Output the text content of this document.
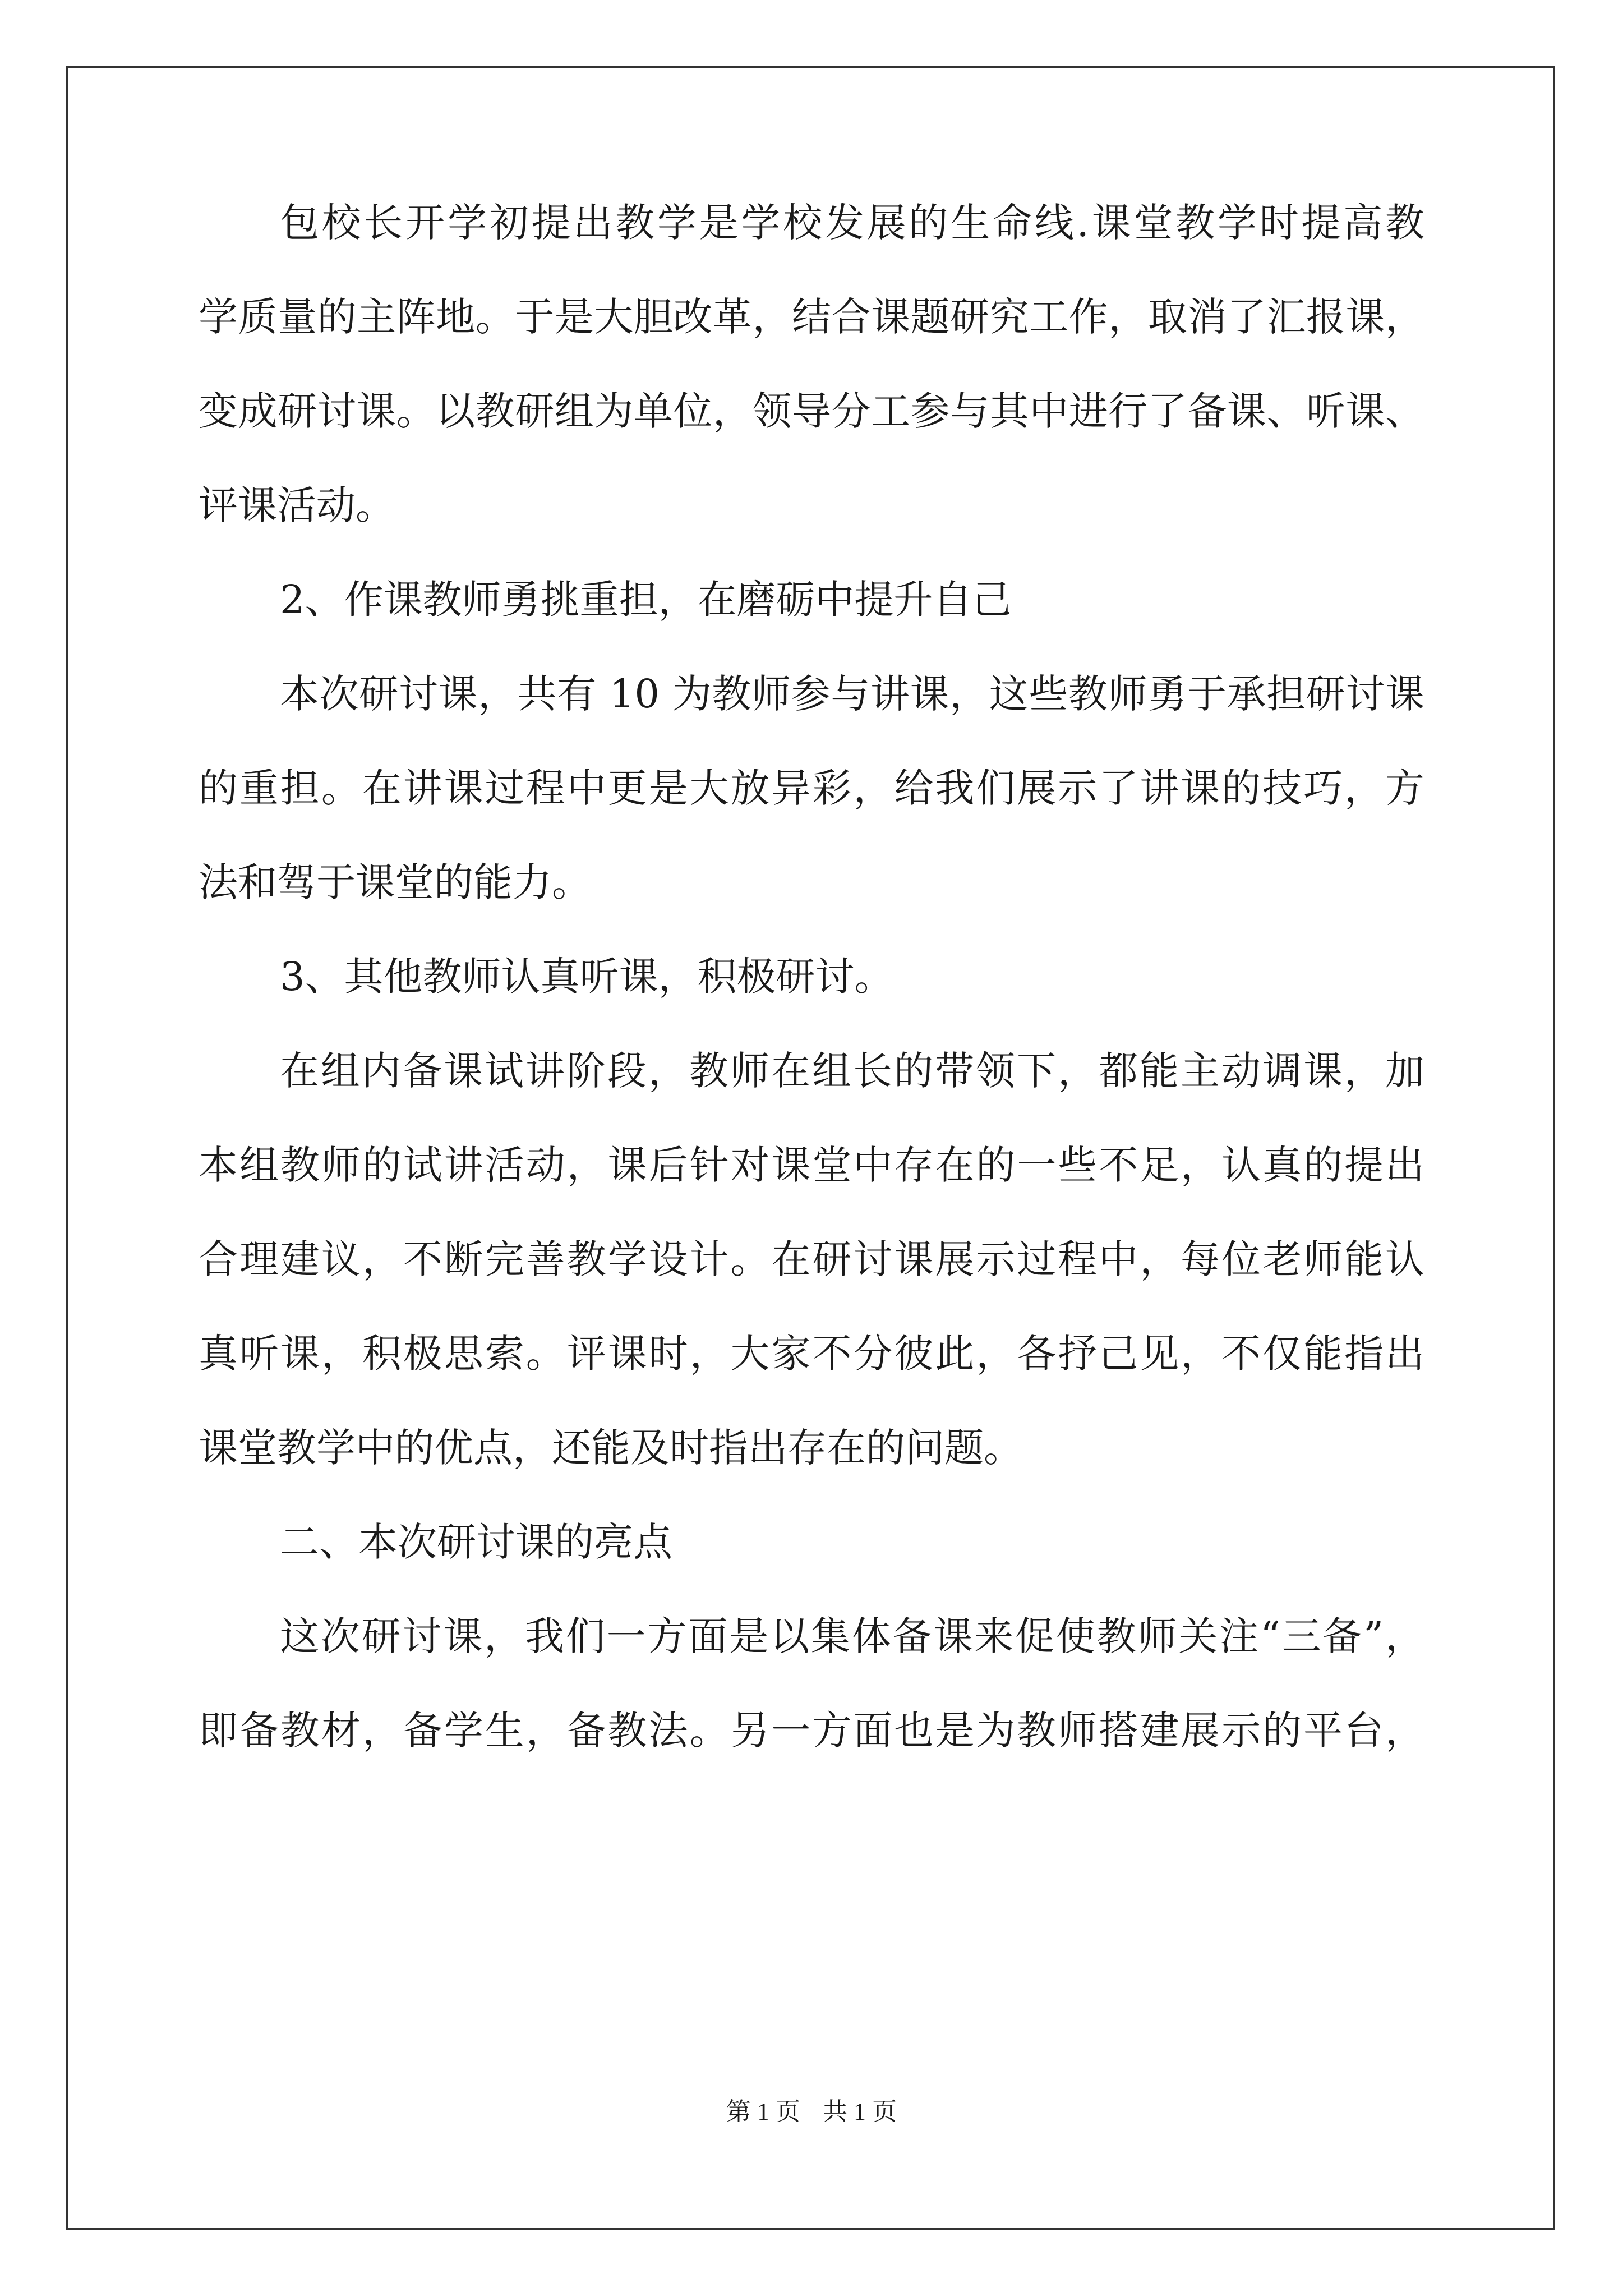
包校长开学初提出教学是学校发展的生命线.课堂教学时提高教
学质量的主阵地。于是大胆改革，结合课题研究工作，取消了汇报课，
变成研讨课。以教研组为单位，领导分工参与其中进行了备课、听课、
评课活动。
2、作课教师勇挑重担，在磨砺中提升自己
本次研讨课，共有 10 为教师参与讲课，这些教师勇于承担研讨课
的重担。在讲课过程中更是大放异彩，给我们展示了讲课的技巧，方
法和驾于课堂的能力。
3、其他教师认真听课，积极研讨。
在组内备课试讲阶段，教师在组长的带领下，都能主动调课，加
本组教师的试讲活动，课后针对课堂中存在的一些不足，认真的提出
合理建议，不断完善教学设计。在研讨课展示过程中，每位老师能认
真听课，积极思索。评课时，大家不分彼此，各抒己见，不仅能指出
课堂教学中的优点，还能及时指出存在的问题。
二、本次研讨课的亮点
这次研讨课，我们一方面是以集体备课来促使教师关注“三备”，
即备教材，备学生，备教法。另一方面也是为教师搭建展示的平台，
第 1 页 共 1 页
